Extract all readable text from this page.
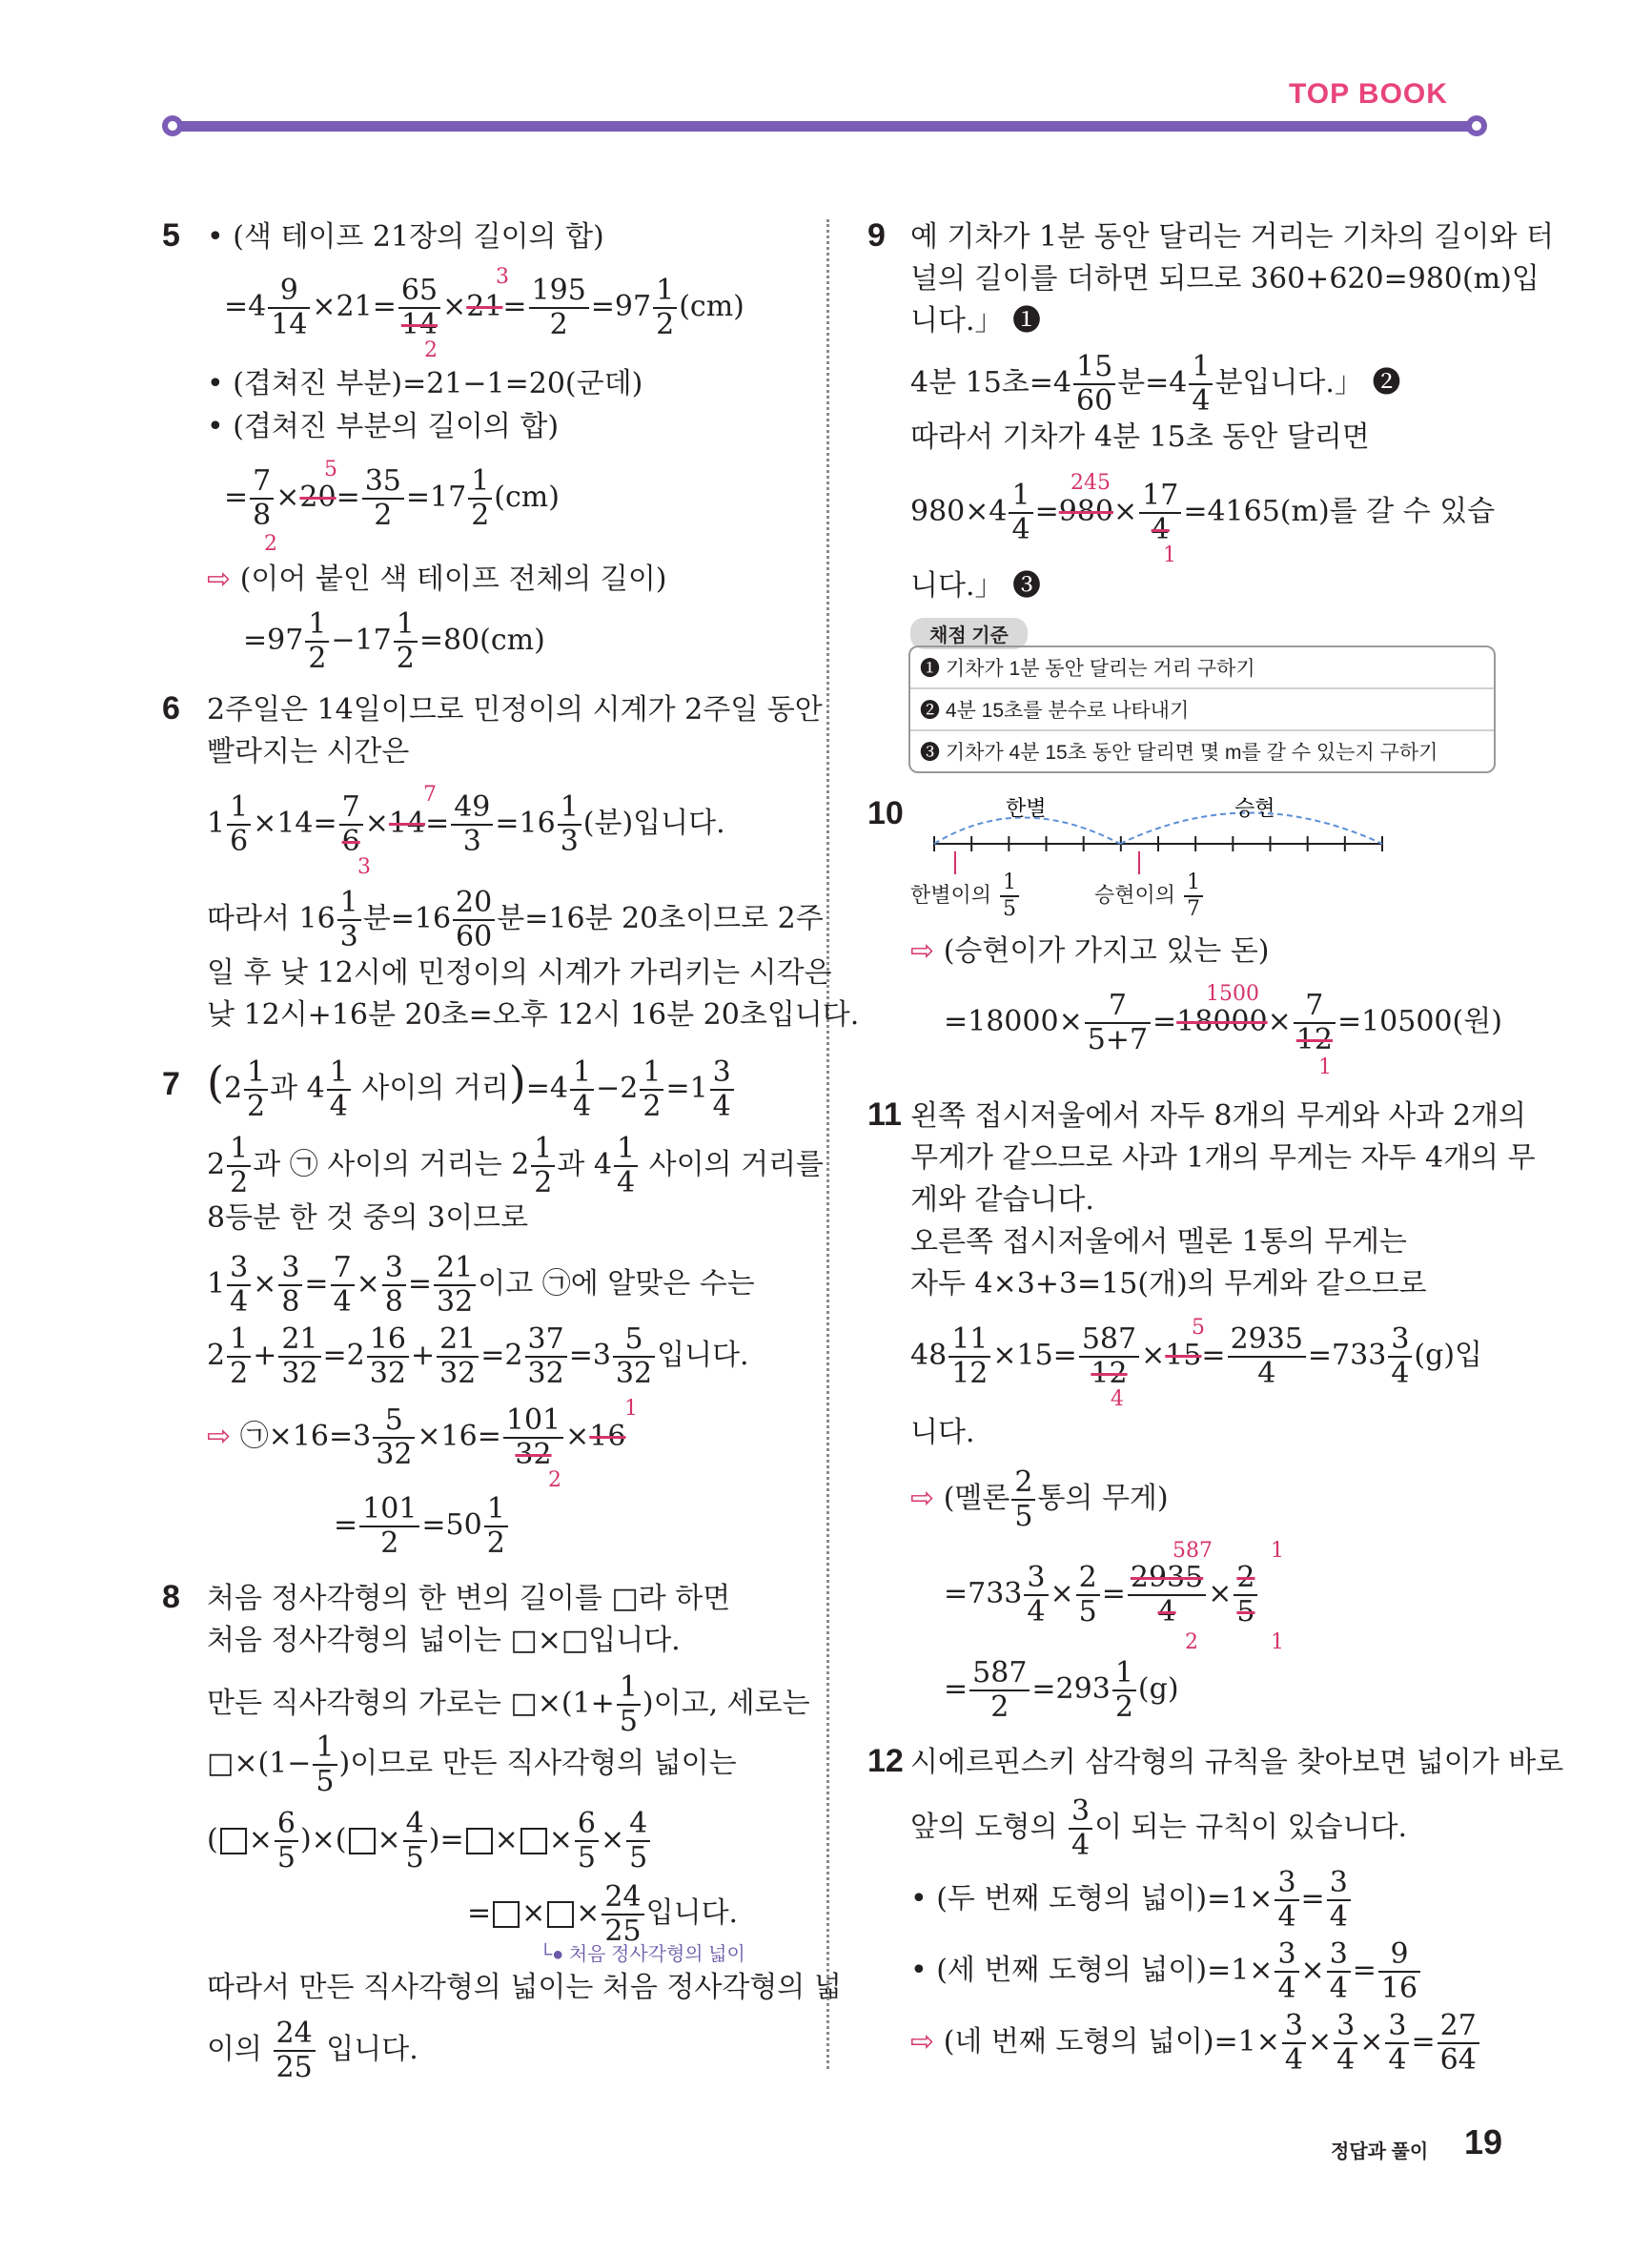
TOP BOOK
5 • (색 테이프 21장의 길이의 합)
$=4 \frac{9}{14} \times 21= \frac{65}{14} \times 21= \frac{195}{2} =97 \frac{1}{2} (cm)$
3
2
• (겹쳐진 부분)=21−1=20(군데)
• (겹쳐진 부분의 길이의 합)
= $\frac{7}{8} \times 20= \frac{35}{2} =17 \frac{1}{2} (cm)$
5
2
⇨ (이어 붙인 색 테이프 전체의 길이)
$=97 \frac{1}{2} -17 \frac{1}{2} =80(cm)$
6 2주일은 14일이므로 민정이의 시계가 2주일 동안
빨라지는 시간은
$1 \frac{1}{6} \times 14= \frac{7}{6} \times 14= \frac{49}{3} =16 \frac{1}{3}$ (분)입니다.
7
3
따라서 $16 \frac{1}{3}$ 분$=16 \frac{20}{60}$ 분=16분 20초이므로 2주
일 후 낮 12시에 민정이의 시계가 가리키는 시각은
낮 12시+16분 20초=오후 12시 16분 20초입니다.
7 ($2 \frac{1}{2}$ 과 $4 \frac{1}{4}$ 사이의 거리)$=4 \frac{1}{4} -2 \frac{1}{2} =1 \frac{3}{4}$
$2 \frac{1}{2}$ 과 ㉠ 사이의 거리는 $2 \frac{1}{2}$ 과 $4 \frac{1}{4}$ 사이의 거리를
8등분 한 것 중의 3이므로
$1 \frac{3}{4} \times \frac{3}{8} = \frac{7}{4} \times \frac{3}{8} = \frac{21}{32}$ 이고 ㉠에 알맞은 수는
$2 \frac{1}{2} + \frac{21}{32} =2 \frac{16}{32} + \frac{21}{32} =2 \frac{37}{32} =3 \frac{5}{32}$ 입니다.
⇨ ㉠×16=3 $\frac{5}{32} \times 16= \frac{101}{32} \times 16$
1
2
= $\frac{101}{2} =50 \frac{1}{2}$
8 처음 정사각형의 한 변의 길이를 □라 하면
처음 정사각형의 넓이는 □×□입니다.
만든 직사각형의 가로는 □×(1+ $\frac{1}{5}$ )이고, 세로는
□×(1− $\frac{1}{5}$ )이므로 만든 직사각형의 넓이는
( × $\frac{6}{5}$ )×( × $\frac{4}{5}$ )= × × $\frac{6}{5} \times \frac{4}{5}$
= × × $\frac{24}{25}$ 입니다.
└● 처음 정사각형의 넓이
따라서 만든 직사각형의 넓이는 처음 정사각형의 넓
이의 $\frac{24}{25}$ 입니다.
9 예 기차가 1분 동안 달리는 거리는 기차의 길이와 터
널의 길이를 더하면 되므로 360+620=980(m)입
니다.」 ❶
4분 15초$=4 \frac{15}{60}$ 분$=4 \frac{1}{4}$ 분입니다.」 ❷
따라서 기차가 4분 15초 동안 달리면
$980\times 4 \frac{1}{4} =980\times \frac{17}{4} =4165(m)$를 갈 수 있습
245
1
니다.」 ❸
채점 기준
❶ 기차가 1분 동안 달리는 거리 구하기
❷ 4분 15초를 분수로 나타내기
❸ 기차가 4분 15초 동안 달리면 몇 m를 갈 수 있는지 구하기
10	한별	승현
한별이의 $\frac{1}{5}$	승현이의 $\frac{1}{7}$
⇨ (승현이가 가지고 있는 돈)
$=18000\times \frac{7}{5+7} =18000\times \frac{7}{12} =10500$(원)
1500
1
11 왼쪽 접시저울에서 자두 8개의 무게와 사과 2개의
무게가 같으므로 사과 1개의 무게는 자두 4개의 무
게와 같습니다.
오른쪽 접시저울에서 멜론 1통의 무게는
자두 4×3+3=15(개)의 무게와 같으므로
$48 \frac{11}{12} \times 15= \frac{587}{12} \times 15= \frac{2935}{4} =733 \frac{3}{4} (g)$입
5
4
니다.
⇨ (멜론 $\frac{2}{5}$ 통의 무게)
$=733 \frac{3}{4} \times \frac{2}{5} = \frac{2935}{4} \times \frac{2}{5}$
587	1
2	1
= $\frac{587}{2} =293 \frac{1}{2} (g)$
12 시에르핀스키 삼각형의 규칙을 찾아보면 넓이가 바로
앞의 도형의 $\frac{3}{4}$ 이 되는 규칙이 있습니다.
• (두 번째 도형의 넓이)$=1\times \frac{3}{4} = \frac{3}{4}$
• (세 번째 도형의 넓이)$=1\times \frac{3}{4} \times \frac{3}{4} = \frac{9}{16}$
⇨ (네 번째 도형의 넓이)$=1\times \frac{3}{4} \times \frac{3}{4} \times \frac{3}{4} = \frac{27}{64}$
정답과 풀이 19
